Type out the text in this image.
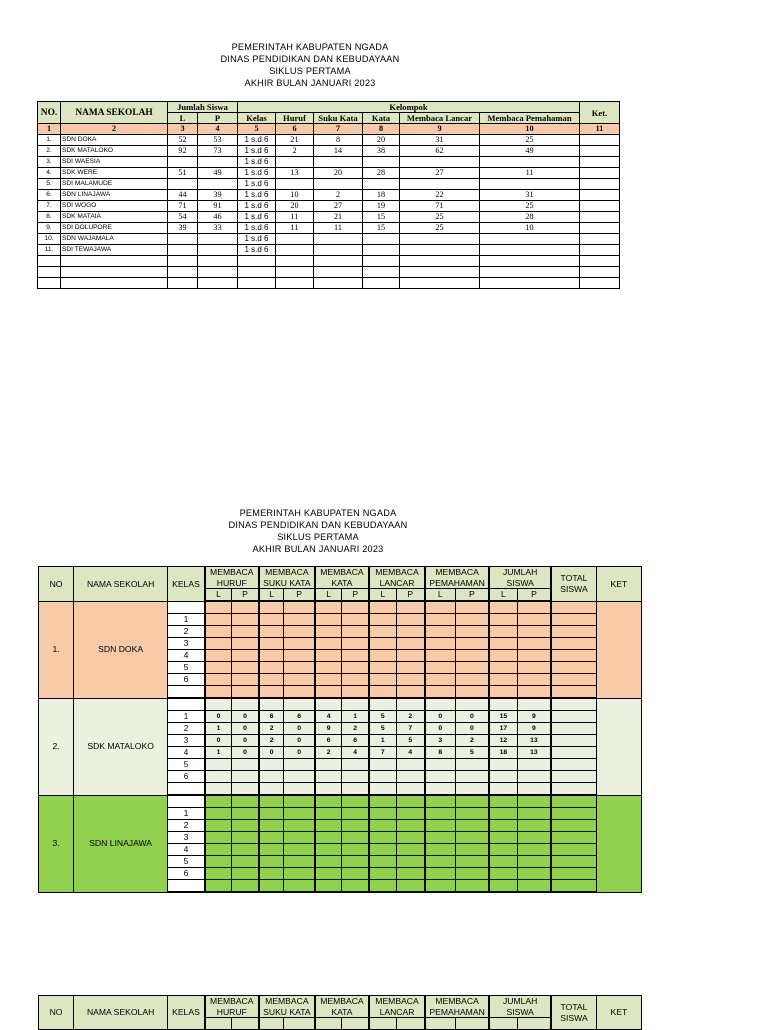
PEMERINTAH KABUPATEN NGADA
DINAS PENDIDIKAN DAN KEBUDAYAAN
SIKLUS PERTAMA
AKHIR BULAN JANUARI 2023
NO.	NAMA SEKOLAH	Jumlah Siswa		Kelompok						Ket.
		L	P	Kelas	Huruf	Suku Kata	Kata	Membaca Lancar	Membaca Pemahaman	
1	2	3	4	5	6	7	8	9	10	11
1.	SDN DOKA	52	53	1 s.d 6	21	8	20	31	25	
2.	SDK MATALOKO	92	73	1 s.d 6	2	14	38	62	49	
3.	SDI WAESIA			1 s.d 6						
4.	SDK WERE	51	49	1 s.d 6	13	20	28	27	11	
5.	SDI MALAMUDE			1 s.d 6						
6.	SDN LINAJAWA	44	39	1 s.d 6	10	2	18	22	31	
7.	SDI WOGO	71	91	1 s.d 6	20	27	19	71	25	
8.	SDK MATAIA	54	46	1 s.d 6	11	21	15	25	28	
9.	SDI DOLUPORE	39	33	1 s.d 6	11	11	15	25	10	
10.	SDN WAJAMALA			1 s.d 6						
11.	SDI TEWAJAWA			1 s.d 6						

PEMERINTAH KABUPATEN NGADA
DINAS PENDIDIKAN DAN KEBUDAYAAN
SIKLUS PERTAMA
AKHIR BULAN JANUARI 2023
NO	NAMA SEKOLAH	KELAS	MEMBACA HURUF		MEMBACA SUKU KATA		MEMBACA KATA		MEMBACA LANCAR		MEMBACA PEMAHAMAN		JUMLAH SISWA		TOTAL SISWA	KET
			L	P	L	P	L	P	L	P	L	P	L	P		
1.	SDN DOKA															
		1														
		2														
		3														
		4														
		5														
		6														

2.	SDK MATALOKO															
		1	0	0	6	6	4	1	5	2	0	0	15	9		
		2	1	0	2	0	9	2	5	7	0	0	17	9		
		3	0	0	2	0	6	6	1	5	3	2	12	13		
		4	1	0	0	0	2	4	7	4	8	5	18	13		
		5														
		6														

3.	SDN LINAJAWA															
		1														
		2														
		3														
		4														
		5														
		6														

NO	NAMA SEKOLAH	KELAS	MEMBACA HURUF		MEMBACA SUKU KATA		MEMBACA KATA		MEMBACA LANCAR		MEMBACA PEMAHAMAN		JUMLAH SISWA		TOTAL SISWA	KET
